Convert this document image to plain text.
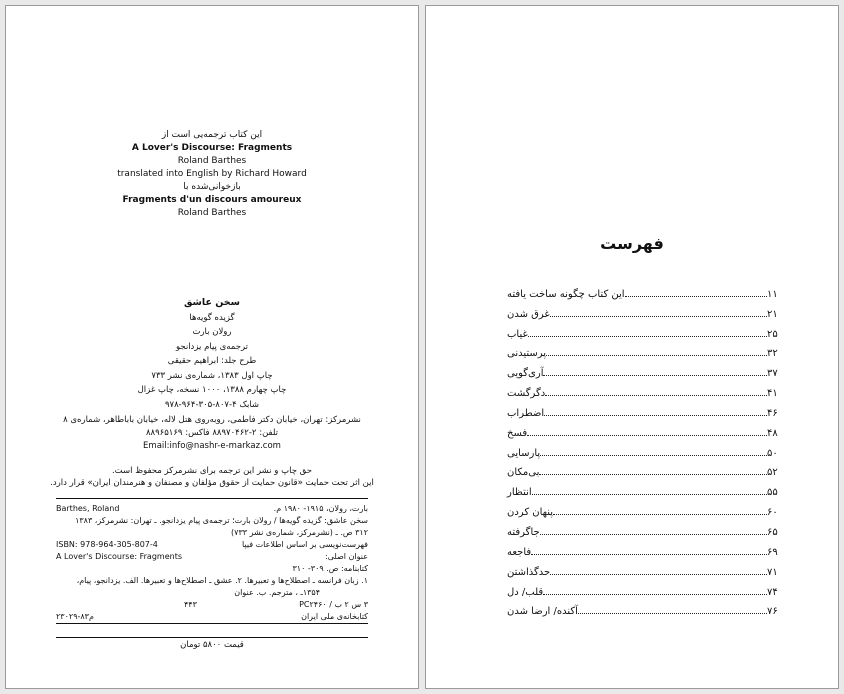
این کتاب ترجمه‌یی است از
A Lover's Discourse: Fragments
Roland Barthes
translated into English by Richard Howard
بازخوانی‌شده با
Fragments d'un discours amoureux
Roland Barthes
سخن عاشق
گزیده گویه‌ها
رولان بارت
ترجمه‌ی پیام یزدانجو
طرح جلد: ابراهیم حقیقی
چاپ اول ۱۳۸۳، شماره‌ی نشر ۷۳۳
چاپ چهارم ۱۳۸۸، ۱۰۰۰ نسخه، چاپ غزال
شابک ۴-۸۰۷-۳۰۵-۹۶۴-۹۷۸
نشرمرکز: تهران، خیابان دکتر فاطمی، روبه‌روی هتل لاله، خیابان باباطاهر، شماره‌ی ۸
تلفن: ۲-۸۸۹۷۰۴۶۲ فاکس: ۸۸۹۶۵۱۶۹
Email:info@nashr-e-markaz.com
حق چاپ و نشر این ترجمه برای نشرمرکز محفوظ است.
این اثر تحت حمایت «قانون حمایت از حقوق مؤلفان و مصنفان و هنرمندان ایران» قرار دارد.
بارت، رولان، ۱۹۱۵- ۱۹۸۰ م.
Barthes, Roland
سخن عاشق: گزیده گویه‌ها / رولان بارت؛ ترجمه‌ی پیام یزدانجو. ـ تهران: نشرمرکز، ۱۳۸۳
۳۱۲ ص. ـ (نشرمرکز، شماره‌ی نشر ۷۳۳)
فهرست‌نویسی بر اساس اطلاعات فیپا
ISBN: 978-964-305-807-4
عنوان اصلی:
A Lover's Discourse: Fragments
کتابنامه: ص. ۳۰۹- ۳۱۰
۱. زبان فرانسه ـ اصطلاح‌ها و تعبیرها. ۲. عشق ـ اصطلاح‌ها و تعبیرها. الف. یزدانجو، پیام،
۱۳۵۴ـ ، مترجم. ب. عنوان
۳ س ۲ ب / PC۲۴۶۰
۴۴۳
کتابخانه‌ی ملی ایران
۲۳۰۲۹-۸۳م
قیمت ۵۸۰۰ تومان
فهرست
این کتاب چگونه ساخت یافته	۱۱
غرق شدن	۲۱
غیاب	۲۵
پرستیدنی	۳۲
آری‌گویی	۳۷
دگرگشت	۴۱
اضطراب	۴۶
فسخ	۴۸
پارسایی	۵۰
بی‌مکان	۵۲
انتظار	۵۵
پنهان کردن	۶۰
جاگرفته	۶۵
فاجعه	۶۹
حدگذاشتن	۷۱
قلب/ دل	۷۴
آکنده/ ارضا شدن	۷۶
